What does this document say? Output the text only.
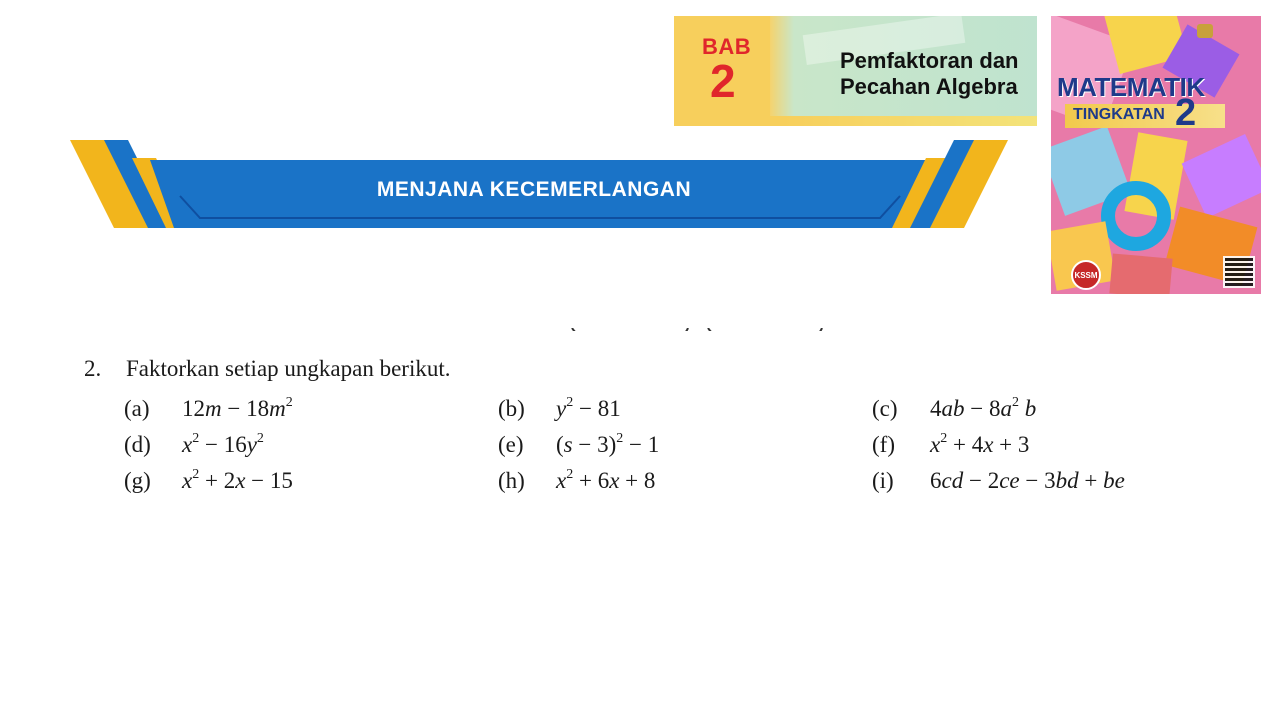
BAB
2	Pemfaktoran dan
Pecahan Algebra	MATEMATIK
TINGKATAN 2
KSSM
MENJANA KECEMERLANGAN
2. Faktorkan setiap ungkapan berikut.
(a) $12m - 18m^2$	(b) $y^2 - 81$	(c) $4ab - 8a^2$ b
(d) $x^2 - 16y^2$	(e) $(s - 3)^2 - 1$	(f) $x^2 + 4x + 3$
(g) $x^2 + 2x - 15$	(h) $x^2 + 6x + 8$	(i) 6cd − 2ce − 3bd + be
